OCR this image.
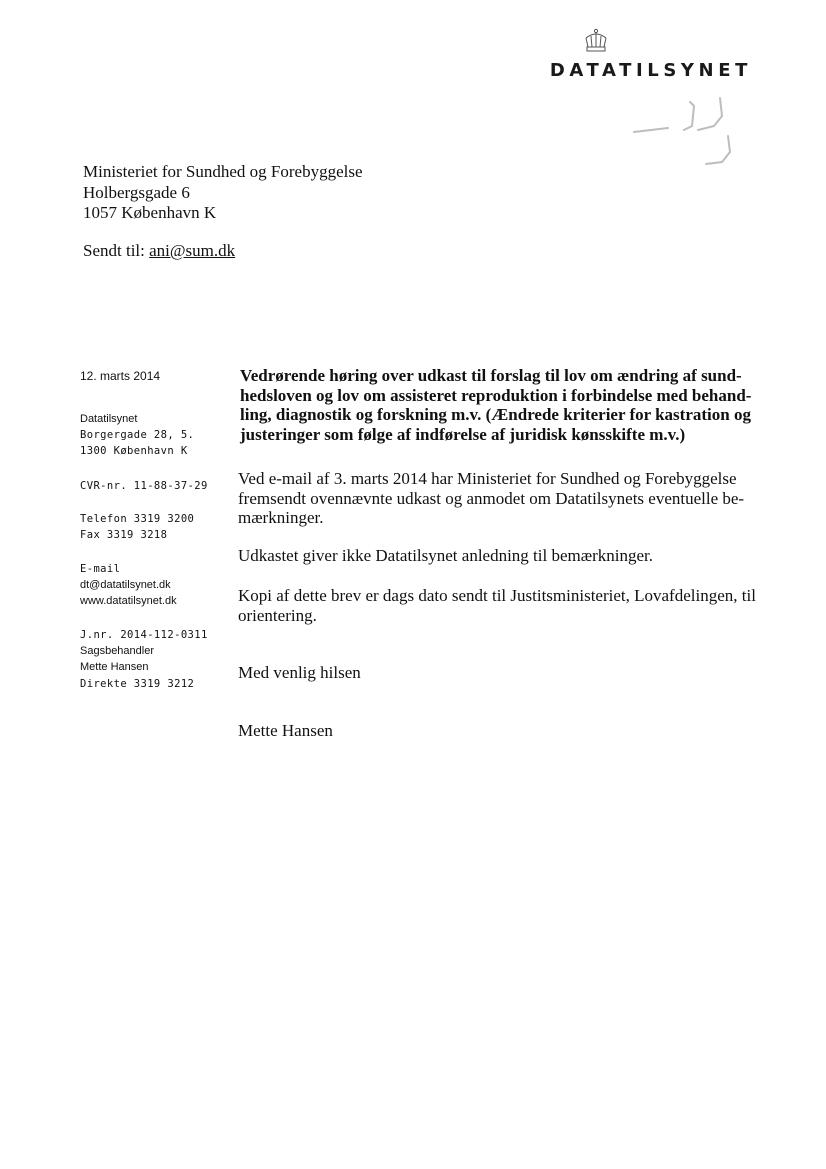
DATATILSYNET
Ministeriet for Sundhed og Forebyggelse
Holbergsgade 6
1057 København K
Sendt til: ani@sum.dk
12. marts 2014
Datatilsynet
Borgergade 28, 5.
1300 København K
CVR-nr. 11-88-37-29
Telefon 3319 3200
Fax 3319 3218
E-mail
dt@datatilsynet.dk
www.datatilsynet.dk
J.nr. 2014-112-0311
Sagsbehandler
Mette Hansen
Direkte 3319 3212
Vedrørende høring over udkast til forslag til lov om ændring af sund-
hedsloven og lov om assisteret reproduktion i forbindelse med behand-
ling, diagnostik og forskning m.v. (Ændrede kriterier for kastration og
justeringer som følge af indførelse af juridisk kønsskifte m.v.)
Ved e-mail af 3. marts 2014 har Ministeriet for Sundhed og Forebyggelse
fremsendt ovennævnte udkast og anmodet om Datatilsynets eventuelle be-
mærkninger.
Udkastet giver ikke Datatilsynet anledning til bemærkninger.
Kopi af dette brev er dags dato sendt til Justitsministeriet, Lovafdelingen, til
orientering.
Med venlig hilsen
Mette Hansen
